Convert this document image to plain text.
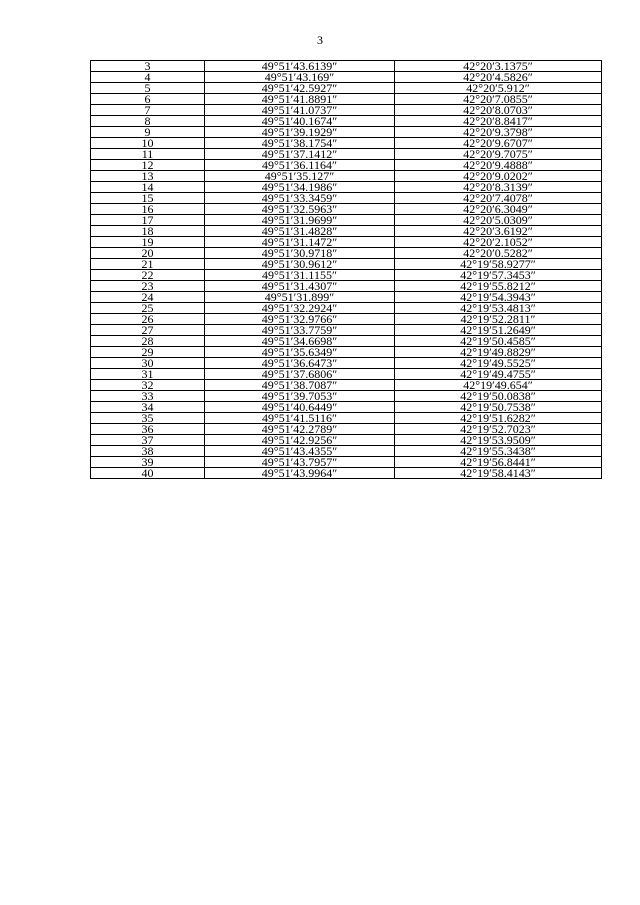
3
3	49°51′43.6139″	42°20′3.1375″
4	49°51′43.169″	42°20′4.5826″
5	49°51′42.5927″	42°20′5.912″
6	49°51′41.8891″	42°20′7.0855″
7	49°51′41.0737″	42°20′8.0703″
8	49°51′40.1674″	42°20′8.8417″
9	49°51′39.1929″	42°20′9.3798″
10	49°51′38.1754″	42°20′9.6707″
11	49°51′37.1412″	42°20′9.7075″
12	49°51′36.1164″	42°20′9.4888″
13	49°51′35.127″	42°20′9.0202″
14	49°51′34.1986″	42°20′8.3139″
15	49°51′33.3459″	42°20′7.4078″
16	49°51′32.5963″	42°20′6.3049″
17	49°51′31.9699″	42°20′5.0309″
18	49°51′31.4828″	42°20′3.6192″
19	49°51′31.1472″	42°20′2.1052″
20	49°51′30.9718″	42°20′0.5282″
21	49°51′30.9612″	42°19′58.9277″
22	49°51′31.1155″	42°19′57.3453″
23	49°51′31.4307″	42°19′55.8212″
24	49°51′31.899″	42°19′54.3943″
25	49°51′32.2924″	42°19′53.4813″
26	49°51′32.9766″	42°19′52.2811″
27	49°51′33.7759″	42°19′51.2649″
28	49°51′34.6698″	42°19′50.4585″
29	49°51′35.6349″	42°19′49.8829″
30	49°51′36.6473″	42°19′49.5525″
31	49°51′37.6806″	42°19′49.4755″
32	49°51′38.7087″	42°19′49.654″
33	49°51′39.7053″	42°19′50.0838″
34	49°51′40.6449″	42°19′50.7538″
35	49°51′41.5116″	42°19′51.6282″
36	49°51′42.2789″	42°19′52.7023″
37	49°51′42.9256″	42°19′53.9509″
38	49°51′43.4355″	42°19′55.3438″
39	49°51′43.7957″	42°19′56.8441″
40	49°51′43.9964″	42°19′58.4143″
